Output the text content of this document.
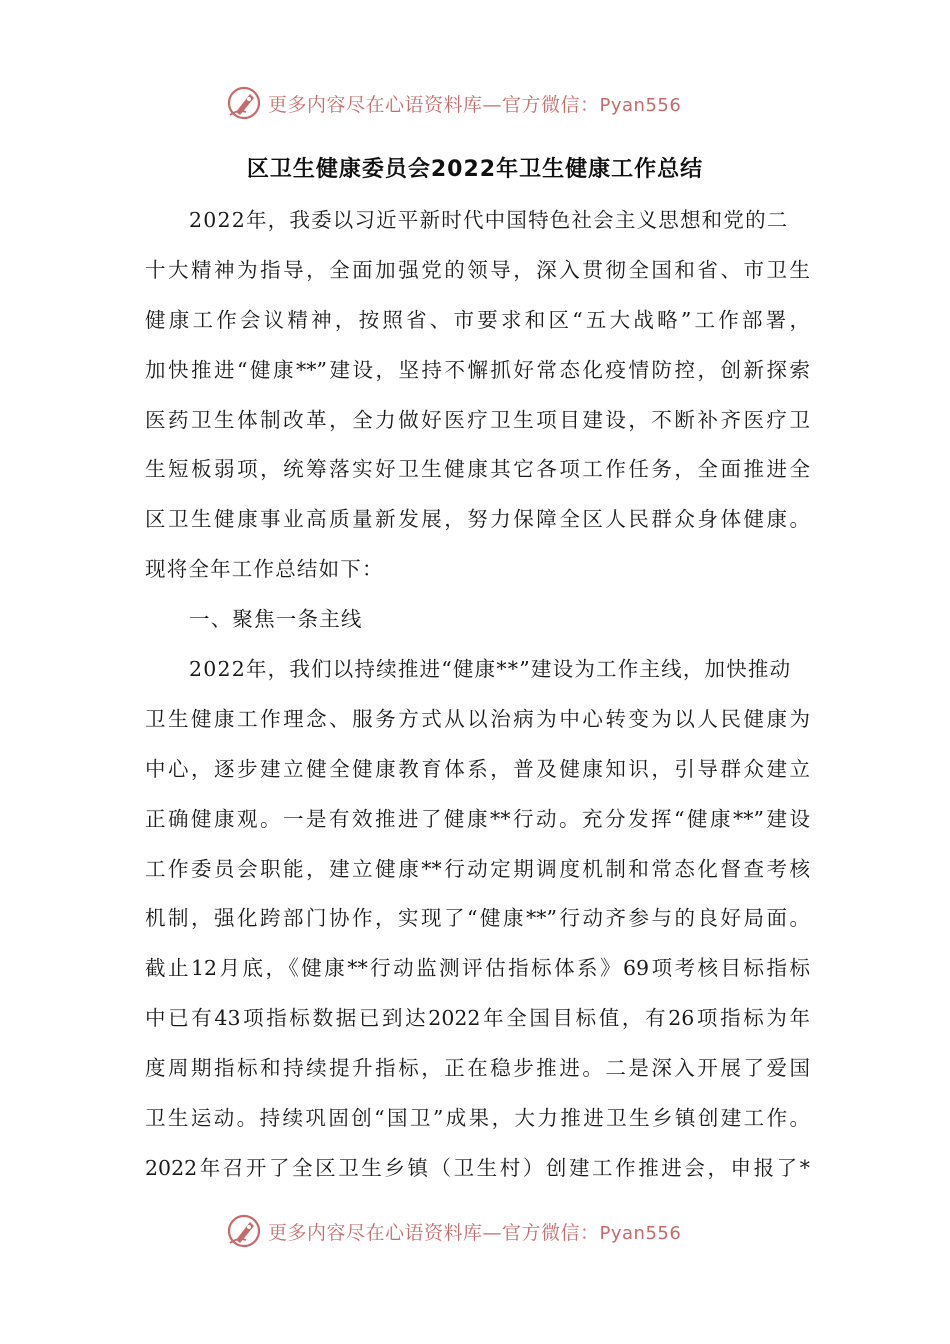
更多内容尽在心语资料库—官方微信：Pyan556
区卫生健康委员会2022年卫生健康工作总结
2022年，我委以习近平新时代中国特色社会主义思想和党的二
十大精神为指导，全面加强党的领导，深入贯彻全国和省、市卫生
健康工作会议精神，按照省、市要求和区“五大战略”工作部署，
加快推进“健康**”建设，坚持不懈抓好常态化疫情防控，创新探索
医药卫生体制改革，全力做好医疗卫生项目建设，不断补齐医疗卫
生短板弱项，统筹落实好卫生健康其它各项工作任务，全面推进全
区卫生健康事业高质量新发展，努力保障全区人民群众身体健康。
现将全年工作总结如下：
一、聚焦一条主线
2022年，我们以持续推进“健康**”建设为工作主线，加快推动
卫生健康工作理念、服务方式从以治病为中心转变为以人民健康为
中心，逐步建立健全健康教育体系，普及健康知识，引导群众建立
正确健康观。一是有效推进了健康**行动。充分发挥“健康**”建设
工作委员会职能，建立健康**行动定期调度机制和常态化督查考核
机制，强化跨部门协作，实现了“健康**”行动齐参与的良好局面。
截止12月底，《健康**行动监测评估指标体系》69项考核目标指标
中已有43项指标数据已到达2022年全国目标值，有26项指标为年
度周期指标和持续提升指标，正在稳步推进。二是深入开展了爱国
卫生运动。持续巩固创“国卫”成果，大力推进卫生乡镇创建工作。
2022年召开了全区卫生乡镇（卫生村）创建工作推进会，申报了*
更多内容尽在心语资料库—官方微信：Pyan556
